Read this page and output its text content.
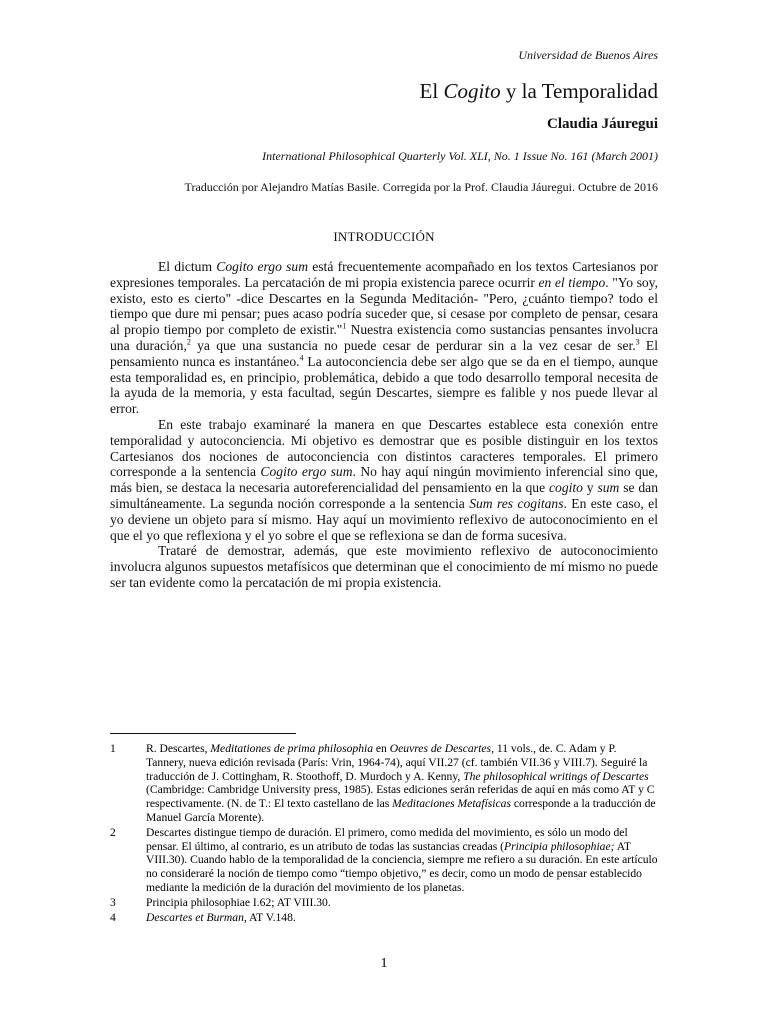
Universidad de Buenos Aires

El Cogito y la Temporalidad

Claudia Jáuregui

International Philosophical Quarterly Vol. XLI, No. 1 Issue No. 161 (March 2001)

Traducción por Alejandro Matías Basile. Corregida por la Prof. Claudia Jáuregui. Octubre de 2016

INTRODUCCIÓN

El dictum Cogito ergo sum está frecuentemente acompañado en los textos Cartesianos por expresiones temporales. La percatación de mi propia existencia parece ocurrir en el tiempo. "Yo soy, existo, esto es cierto" -dice Descartes en la Segunda Meditación- "Pero, ¿cuánto tiempo? todo el tiempo que dure mi pensar; pues acaso podría suceder que, si cesase por completo de pensar, cesara al propio tiempo por completo de existir."$^1$ Nuestra existencia como sustancias pensantes involucra una duración,$^2$ ya que una sustancia no puede cesar de perdurar sin a la vez cesar de ser.$^3$ El pensamiento nunca es instantáneo.$^4$ La autoconciencia debe ser algo que se da en el tiempo, aunque esta temporalidad es, en principio, problemática, debido a que todo desarrollo temporal necesita de la ayuda de la memoria, y esta facultad, según Descartes, siempre es falible y nos puede llevar al error.

En este trabajo examinaré la manera en que Descartes establece esta conexión entre temporalidad y autoconciencia. Mi objetivo es demostrar que es posible distinguir en los textos Cartesianos dos nociones de autoconciencia con distintos caracteres temporales. El primero corresponde a la sentencia Cogito ergo sum. No hay aquí ningún movimiento inferencial sino que, más bien, se destaca la necesaria autoreferencialidad del pensamiento en la que cogito y sum se dan simultáneamente. La segunda noción corresponde a la sentencia Sum res cogitans. En este caso, el yo deviene un objeto para sí mismo. Hay aquí un movimiento reflexivo de autoconocimiento en el que el yo que reflexiona y el yo sobre el que se reflexiona se dan de forma sucesiva.

Trataré de demostrar, además, que este movimiento reflexivo de autoconocimiento involucra algunos supuestos metafísicos que determinan que el conocimiento de mí mismo no puede ser tan evidente como la percatación de mi propia existencia.

1	R. Descartes, Meditationes de prima philosophia en Oeuvres de Descartes, 11 vols., de. C. Adam y P. Tannery, nueva edición revisada (París: Vrin, 1964-74), aquí VII.27 (cf. también VII.36 y VIII.7). Seguiré la traducción de J. Cottingham, R. Stoothoff, D. Murdoch y A. Kenny, The philosophical writings of Descartes (Cambridge: Cambridge University press, 1985). Estas ediciones serán referidas de aquí en más como AT y C respectivamente. (N. de T.: El texto castellano de las Meditaciones Metafísicas corresponde a la traducción de Manuel García Morente).
2	Descartes distingue tiempo de duración. El primero, como medida del movimiento, es sólo un modo del pensar. El último, al contrario, es un atributo de todas las sustancias creadas (Principia philosophiae; AT VIII.30). Cuando hablo de la temporalidad de la conciencia, siempre me refiero a su duración. En este artículo no consideraré la noción de tiempo como “tiempo objetivo,” es decir, como un modo de pensar establecido mediante la medición de la duración del movimiento de los planetas.
3	Principia philosophiae I.62; AT VIII.30.
4	Descartes et Burman, AT V.148.
1
